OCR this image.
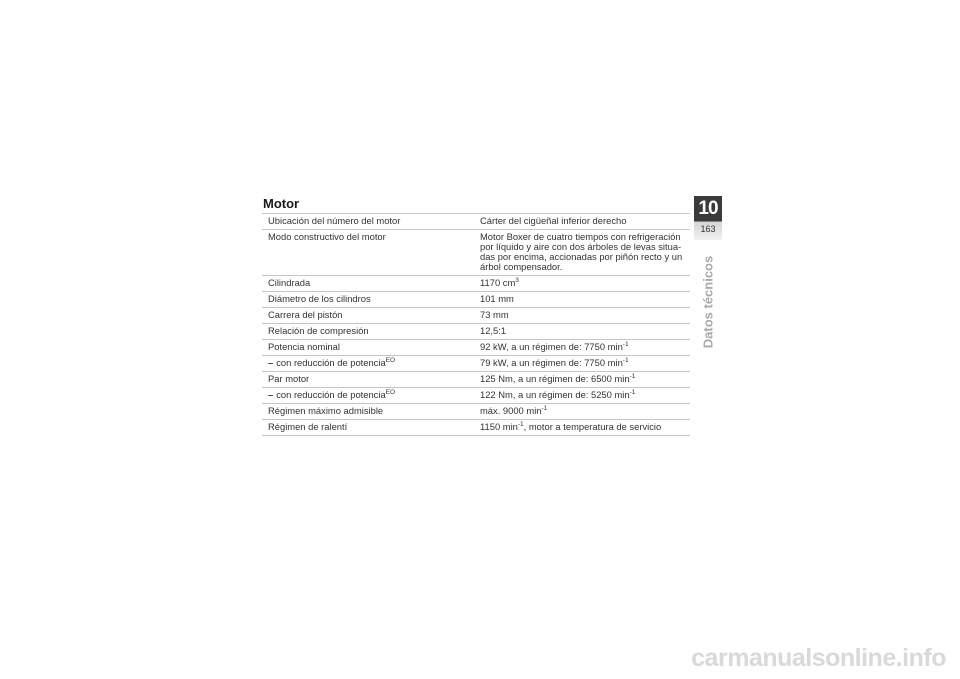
Motor
Ubicación del número del motor	Cárter del cigüeñal inferior derecho
Modo constructivo del motor	Motor Boxer de cuatro tiempos con refrigeración por líquido y aire con dos árboles de levas situa-das por encima, accionadas por piñón recto y un árbol compensador.
Cilindrada	1170 $cm^3$
Diámetro de los cilindros	101 mm
Carrera del pistón	73 mm
Relación de compresión	12,5:1
Potencia nominal	92 kW, a un régimen de: 7750 $\min^{-1}$
– con reducción de potencia$^{EO}$	79 kW, a un régimen de: 7750 $\min^{-1}$
Par motor	125 Nm, a un régimen de: 6500 $\min^{-1}$
– con reducción de potencia$^{EO}$	122 Nm, a un régimen de: 5250 $\min^{-1}$
Régimen máximo admisible	máx. 9000 $\min^{-1}$
Régimen de ralentí	1150 $\min^{-1}$, motor a temperatura de servicio
10
163
Datos técnicos
carmanualsonline.info
